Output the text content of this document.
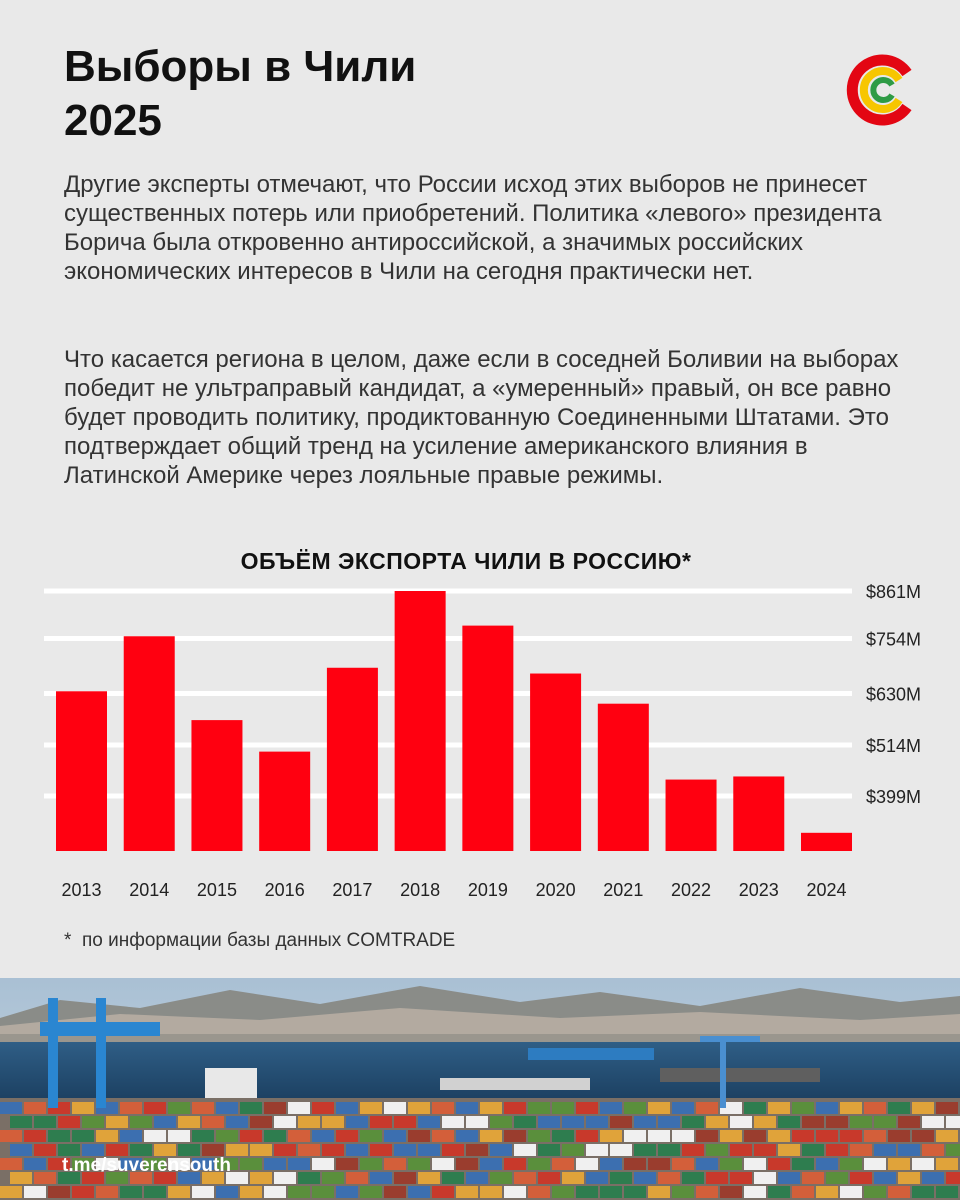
Выборы в Чили
2025

Другие эксперты отмечают, что России исход этих выборов не принесет существенных потерь или приобретений. Политика «левого» президента Борича была откровенно антироссийской, а значимых российских экономических интересов в Чили на сегодня практически нет.

Что касается региона в целом, даже если в соседней Боливии на выборах победит не ультраправый кандидат, а «умеренный» правый, он все равно будет проводить политику, продиктованную Соединенными Штатами. Это подтверждает общий тренд на усиление американского влияния в Латинской Америке через лояльные правые режимы.

ОБЪЁМ ЭКСПОРТА ЧИЛИ В РОССИЮ*
$399M
$514M
$630M
$754M
$861M
2013 2014 2015 2016 2017 2018 2019 2020 2021 2022 2023 2024
* по информации базы данных COMTRADE
t.me/suverensouth
